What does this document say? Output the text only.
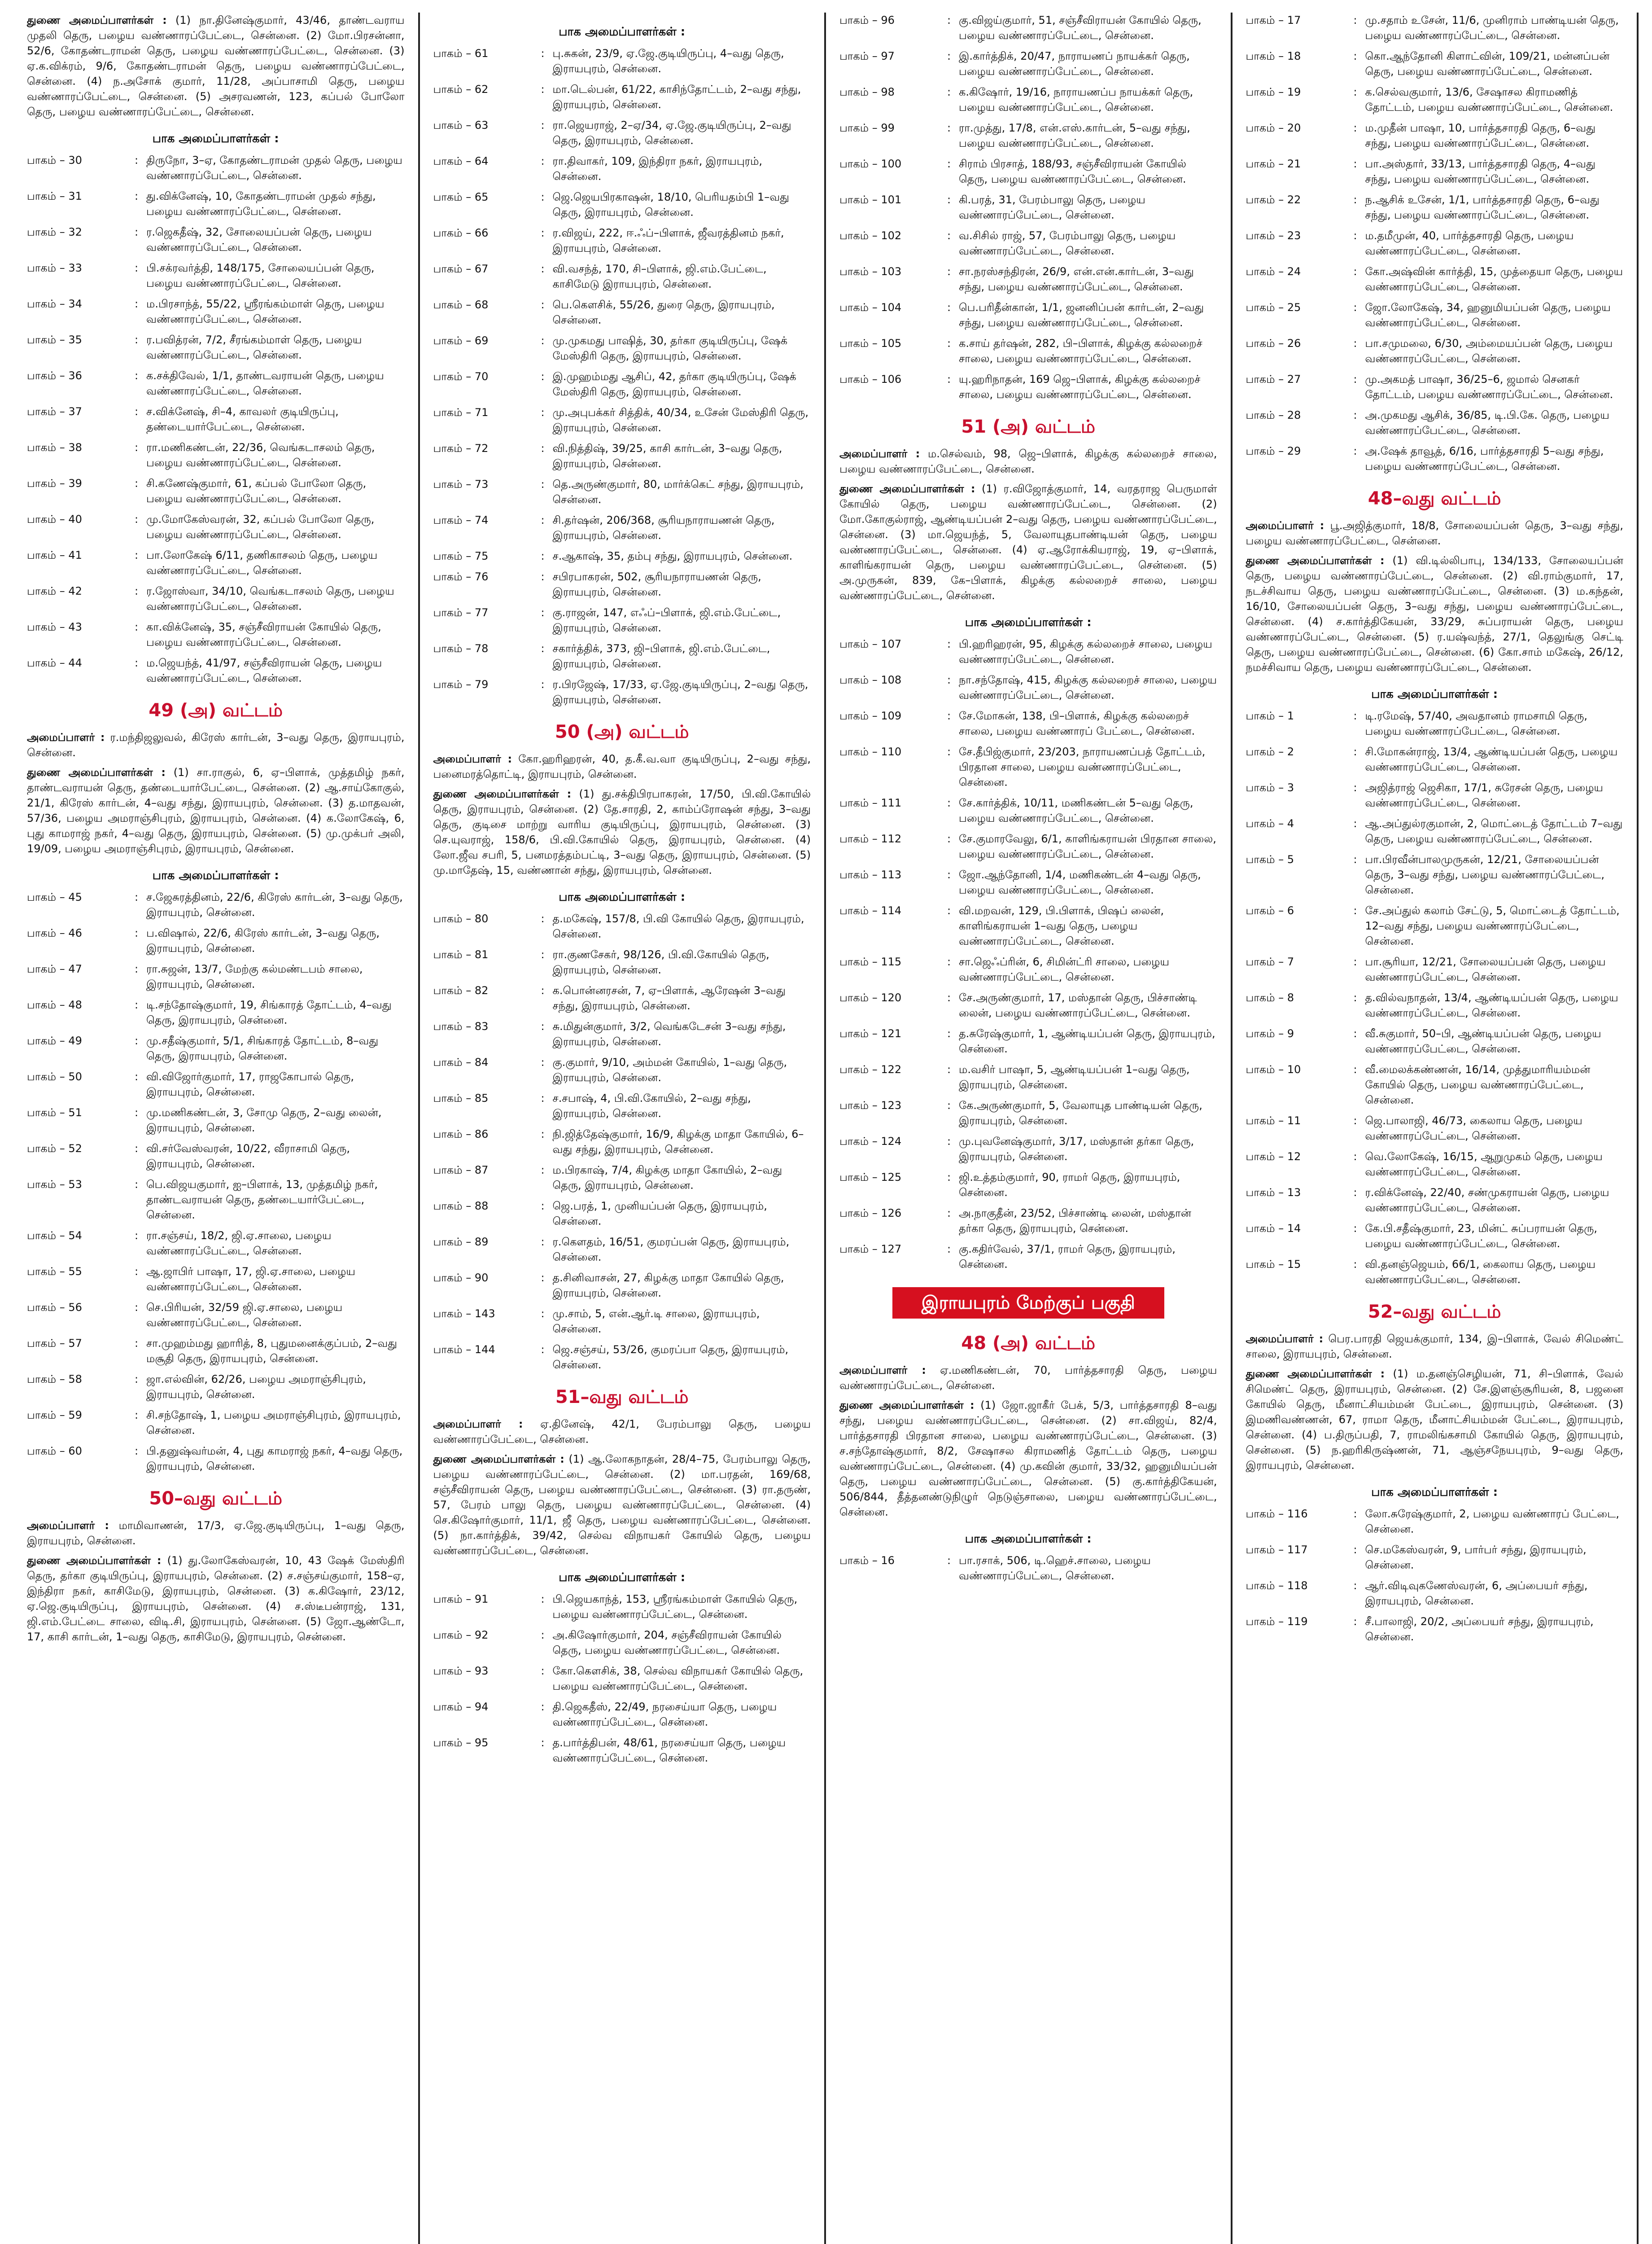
துணை அமைப்பாளர்கள் : (1) நா.தினேஷ்குமார், 43/46, தாண்டவராய முதலி தெரு, பழைய வண்ணாரப்பேட்டை, சென்னை. (2) மோ.பிரசன்னா, 52/6, கோதண்டராமன் தெரு, பழைய வண்ணாரப்பேட்டை, சென்னை. (3) ஏ.க.விக்ரம், 9/6, கோதண்டராமன் தெரு, பழைய வண்ணாரப்பேட்டை, சென்னை. (4) ந.அசோக் குமார், 11/28, அப்பாசாமி தெரு, பழைய வண்ணாரப்பேட்டை, சென்னை. (5) அசரவணன், 123, கப்பல் போலோ தெரு, பழைய வண்ணாரப்பேட்டை, சென்னை.
பாக அமைப்பாளர்கள் :
பாகம் – 30	: திருநோ, 3–ஏ, கோதண்டராமன் முதல் தெரு, பழைய வண்ணாரப்பேட்டை, சென்னை.
பாகம் – 31	: து.விக்னேஷ், 10, கோதண்டராமன் முதல் சந்து, பழைய வண்ணாரப்பேட்டை, சென்னை.
பாகம் – 32	: ர.ஜெகதீஷ், 32, சோலையப்பன் தெரு, பழைய வண்ணாரப்பேட்டை, சென்னை.
பாகம் – 33	: பி.சக்ரவர்த்தி, 148/175, சோலையப்பன் தெரு, பழைய வண்ணாரப்பேட்டை, சென்னை.
பாகம் – 34	: ம.பிரசாந்த், 55/22, ஸ்ரீரங்கம்மாள் தெரு, பழைய வண்ணாரப்பேட்டை, சென்னை.
பாகம் – 35	: ர.பவித்ரன், 7/2, சீரங்கம்மாள் தெரு, பழைய வண்ணாரப்பேட்டை, சென்னை.
பாகம் – 36	: க.சக்திவேல், 1/1, தாண்டவராயன் தெரு, பழைய வண்ணாரப்பேட்டை, சென்னை.
பாகம் – 37	: ச.விக்னேஷ், சி–4, காவலர் குடியிருப்பு, தண்டையார்பேட்டை, சென்னை.
பாகம் – 38	: ரா.மணிகண்டன், 22/36, வெங்கடாசலம் தெரு, பழைய வண்ணாரப்பேட்டை, சென்னை.
பாகம் – 39	: சி.கணேஷ்குமார், 61, கப்பல் போலோ தெரு, பழைய வண்ணாரப்பேட்டை, சென்னை.
பாகம் – 40	: மு.மோகேஸ்வரன், 32, கப்பல் போலோ தெரு, பழைய வண்ணாரப்பேட்டை, சென்னை.
பாகம் – 41	: பா.லோகேஷ் 6/11, தணிகாசலம் தெரு, பழைய வண்ணாரப்பேட்டை, சென்னை.
பாகம் – 42	: ர.ஜோஸ்வா, 34/10, வெங்கடாசலம் தெரு, பழைய வண்ணாரப்பேட்டை, சென்னை.
பாகம் – 43	: கா.விக்னேஷ், 35, சஞ்சீவிராயன் கோயில் தெரு, பழைய வண்ணாரப்பேட்டை, சென்னை.
பாகம் – 44	: ம.ஜெயந்த், 41/97, சஞ்சீவிராயன் தெரு, பழைய வண்ணாரப்பேட்டை, சென்னை.
49 (அ) வட்டம்
அமைப்பாளர் : ர.மந்திஜலுவல், கிரேஸ் கார்டன், 3–வது தெரு, இராயபுரம், சென்னை.
துணை அமைப்பாளர்கள் : (1) சா.ராகுல், 6, ஏ–பிளாக், முத்தமிழ் நகர், தாண்டவராயன் தெரு, தண்டையார்பேட்டை, சென்னை. (2) ஆ.சாய்கோகுல், 21/1, கிரேஸ் கார்டன், 4–வது சந்து, இராயபுரம், சென்னை. (3) த.மாதவன், 57/36, பழைய அமராஞ்சிபுரம், இராயபுரம், சென்னை. (4) க.லோகேஷ், 6, புது காமராஜ் நகர், 4–வது தெரு, இராயபுரம், சென்னை. (5) மு.முக்பர் அலி, 19/09, பழைய அமராஞ்சிபுரம், இராயபுரம், சென்னை.
பாக அமைப்பாளர்கள் :
பாகம் – 45	: ச.ஜேசுரத்தினம், 22/6, கிரேஸ் கார்டன், 3–வது தெரு, இராயபுரம், சென்னை.
பாகம் – 46	: ப.விஷால், 22/6, கிரேஸ் கார்டன், 3–வது தெரு, இராயபுரம், சென்னை.
பாகம் – 47	: ரா.சுஜன், 13/7, மேற்கு கல்மண்டபம் சாலை, இராயபுரம், சென்னை.
பாகம் – 48	: டி.சந்தோஷ்குமார், 19, சிங்காரத் தோட்டம், 4–வது தெரு, இராயபுரம், சென்னை.
பாகம் – 49	: மு.சதீஷ்குமார், 5/1, சிங்காரத் தோட்டம், 8–வது தெரு, இராயபுரம், சென்னை.
பாகம் – 50	: வி.விஜோர்குமார், 17, ராஜகோபால் தெரு, இராயபுரம், சென்னை.
பாகம் – 51	: மு.மணிகண்டன், 3, சோமு தெரு, 2–வது லைன், இராயபுரம், சென்னை.
பாகம் – 52	: வி.சர்வேஸ்வரன், 10/22, வீராசாமி தெரு, இராயபுரம், சென்னை.
பாகம் – 53	: பெ.விஜயகுமார், ஐ–பிளாக், 13, முத்தமிழ் நகர், தாண்டவராயன் தெரு, தண்டையார்பேட்டை, சென்னை.
பாகம் – 54	: ரா.சஞ்சய், 18/2, ஜி.ஏ.சாலை, பழைய வண்ணாரப்பேட்டை, சென்னை.
பாகம் – 55	: ஆ.ஜாபிர் பாஷா, 17, ஜி.ஏ.சாலை, பழைய வண்ணாரப்பேட்டை, சென்னை.
பாகம் – 56	: செ.பிரியன், 32/59 ஜி.ஏ.சாலை, பழைய வண்ணாரப்பேட்டை, சென்னை.
பாகம் – 57	: சா.முஹம்மது ஹாரித், 8, புதுமனைக்குப்பம், 2–வது மசூதி தெரு, இராயபுரம், சென்னை.
பாகம் – 58	: ஜா.எல்வின், 62/26, பழைய அமராஞ்சிபுரம், இராயபுரம், சென்னை.
பாகம் – 59	: சி.சந்தோஷ், 1, பழைய அமராஞ்சிபுரம், இராயபுரம், சென்னை.
பாகம் – 60	: பி.தனுஷ்வர்மன், 4, புது காமராஜ் நகர், 4–வது தெரு, இராயபுரம், சென்னை.
50–வது வட்டம்
அமைப்பாளர் : மாமிவாணன், 17/3, ஏ.ஜே.குடியிருப்பு, 1–வது தெரு, இராயபுரம், சென்னை.
துணை அமைப்பாளர்கள் : (1) து.லோகேஸ்வரன், 10, 43 ஷேக் மேஸ்திரி தெரு, தர்கா குடியிருப்பு, இராயபுரம், சென்னை. (2) ச.சஞ்சய்குமார், 158–ஏ, இந்திரா நகர், காசிமேடு, இராயபுரம், சென்னை. (3) க.கிஷோர், 23/12, ஏ.ஜெ.குடியிருப்பு, இராயபுரம், சென்னை. (4) ச.ஸ்டீபன்ராஜ், 131, ஜி.எம்.பேட்டை சாலை, விடி.சி, இராயபுரம், சென்னை. (5) ஜோ.ஆண்டோ, 17, காசி கார்டன், 1–வது தெரு, காசிமேடு, இராயபுரம், சென்னை.
பாக அமைப்பாளர்கள் :
பாகம் – 61	: பு.சுகன், 23/9, ஏ.ஜே.குடியிருப்பு, 4–வது தெரு, இராயபுரம், சென்னை.
பாகம் – 62	: மா.டெல்பன், 61/22, காசிந்தோட்டம், 2–வது சந்து, இராயபுரம், சென்னை.
பாகம் – 63	: ரா.ஜெயராஜ், 2–ஏ/34, ஏ.ஜே.குடியிருப்பு, 2–வது தெரு, இராயபுரம், சென்னை.
பாகம் – 64	: ரா.திவாகர், 109, இந்திரா நகர், இராயபுரம், சென்னை.
பாகம் – 65	: ஜெ.ஜெயபிரகாஷன், 18/10, பெரியதம்பி 1–வது தெரு, இராயபுரம், சென்னை.
பாகம் – 66	: ர.விஜய், 222, ஈ.ஃப்–பிளாக், ஜீவரத்தினம் நகர், இராயபுரம், சென்னை.
பாகம் – 67	: வி.வசந்த், 170, சி–பிளாக், ஜி.எம்.பேட்டை, காசிமேடு இராயபுரம், சென்னை.
பாகம் – 68	: பெ.கௌசிக், 55/26, துரை தெரு, இராயபுரம், சென்னை.
பாகம் – 69	: மு.முகமது பாஷித், 30, தர்கா குடியிருப்பு, ஷேக் மேஸ்திரி தெரு, இராயபுரம், சென்னை.
பாகம் – 70	: இ.முஹம்மது ஆசிப், 42, தர்கா குடியிருப்பு, ஷேக் மேஸ்திரி தெரு, இராயபுரம், சென்னை.
பாகம் – 71	: மு.அபுபக்கர் சித்திக், 40/34, உசேன் மேஸ்திரி தெரு, இராயபுரம், சென்னை.
பாகம் – 72	: வி.நித்திஷ், 39/25, காசி கார்டன், 3–வது தெரு, இராயபுரம், சென்னை.
பாகம் – 73	: தெ.அருண்குமார், 80, மார்க்கெட் சந்து, இராயபுரம், சென்னை.
பாகம் – 74	: சி.தர்ஷன், 206/368, சூரியநாராயணன் தெரு, இராயபுரம், சென்னை.
பாகம் – 75	: ச.ஆகாஷ், 35, தம்பு சந்து, இராயபுரம், சென்னை.
பாகம் – 76	: சபிரபாகரன், 502, சூரியநாராயணன் தெரு, இராயபுரம், சென்னை.
பாகம் – 77	: கு.ராஜன், 147, எஃப்–பிளாக், ஜி.எம்.பேட்டை, இராயபுரம், சென்னை.
பாகம் – 78	: சகார்த்திக், 373, ஜி–பிளாக், ஜி.எம்.பேட்டை, இராயபுரம், சென்னை.
பாகம் – 79	: ர.பிரஜேஷ், 17/33, ஏ.ஜே.குடியிருப்பு, 2–வது தெரு, இராயபுரம், சென்னை.
50 (அ) வட்டம்
அமைப்பாளர் : கோ.ஹரிஹரன், 40, த.கீ.வ.வா குடியிருப்பு, 2–வது சந்து, பனைமரத்தொட்டி, இராயபுரம், சென்னை.
துணை அமைப்பாளர்கள் : (1) து.சக்திபிரபாகரன், 17/50, பி.வி.கோயில் தெரு, இராயபுரம், சென்னை. (2) தே.சாரதி, 2, காம்ப்ரோஷன் சந்து, 3–வது தெரு, குடிசை மாற்று வாரிய குடியிருப்பு, இராயபுரம், சென்னை. (3) செ.யுவராஜ், 158/6, பி.வி.கோயில் தெரு, இராயபுரம், சென்னை. (4) லோ.ஜீவ சபரி, 5, பனமரத்தம்பட்டி, 3–வது தெரு, இராயபுரம், சென்னை. (5) மு.மாதேஷ், 15, வண்ணான் சந்து, இராயபுரம், சென்னை.
பாக அமைப்பாளர்கள் :
பாகம் – 80	: த.மகேஷ், 157/8, பி.வி கோயில் தெரு, இராயபுரம், சென்னை.
பாகம் – 81	: ரா.குணசேகர், 98/126, பி.வி.கோயில் தெரு, இராயபுரம், சென்னை.
பாகம் – 82	: க.பொன்னரசன், 7, ஏ–பிளாக், ஆரேஷன் 3–வது சந்து, இராயபுரம், சென்னை.
பாகம் – 83	: சு.மிதுன்குமார், 3/2, வெங்கடேசன் 3–வது சந்து, இராயபுரம், சென்னை.
பாகம் – 84	: கு.குமார், 9/10, அம்மன் கோயில், 1–வது தெரு, இராயபுரம், சென்னை.
பாகம் – 85	: ச.சபாஷ், 4, பி.வி.கோயில், 2–வது சந்து, இராயபுரம், சென்னை.
பாகம் – 86	: நி.ஜித்தேஷ்குமார், 16/9, கிழக்கு மாதா கோயில், 6–வது சந்து, இராயபுரம், சென்னை.
பாகம் – 87	: ம.பிரகாஷ், 7/4, கிழக்கு மாதா கோயில், 2–வது தெரு, இராயபுரம், சென்னை.
பாகம் – 88	: ஜெ.பரத், 1, முனியப்பன் தெரு, இராயபுரம், சென்னை.
பாகம் – 89	: ர.கௌதம், 16/51, குமரப்பன் தெரு, இராயபுரம், சென்னை.
பாகம் – 90	: த.சினிவாசன், 27, கிழக்கு மாதா கோயில் தெரு, இராயபுரம், சென்னை.
பாகம் – 143	: மு.சாம், 5, என்.ஆர்.டி சாலை, இராயபுரம், சென்னை.
பாகம் – 144	: ஜெ.சஞ்சய், 53/26, குமரப்பா தெரு, இராயபுரம், சென்னை.
51–வது வட்டம்
அமைப்பாளர் : ஏ.தினேஷ், 42/1, பேரம்பாலு தெரு, பழைய வண்ணாரப்பேட்டை, சென்னை.
துணை அமைப்பாளர்கள் : (1) ஆ.லோகநாதன், 28/4–75, பேரம்பாலு தெரு, பழைய வண்ணாரப்பேட்டை, சென்னை. (2) மா.பரதன், 169/68, சஞ்சீவிராயன் தெரு, பழைய வண்ணாரப்பேட்டை, சென்னை. (3) ரா.தருண், 57, பேரம் பாலு தெரு, பழைய வண்ணாரப்பேட்டை, சென்னை. (4) செ.கிஷோர்குமார், 11/1, ஜீ தெரு, பழைய வண்ணாரப்பேட்டை, சென்னை. (5) நா.கார்த்திக், 39/42, செல்வ விநாயகர் கோயில் தெரு, பழைய வண்ணாரப்பேட்டை, சென்னை.
பாக அமைப்பாளர்கள் :
பாகம் – 91	: பி.ஜெயகாந்த், 153, ஸ்ரீரங்கம்மாள் கோயில் தெரு, பழைய வண்ணாரப்பேட்டை, சென்னை.
பாகம் – 92	: அ.கிஷோர்குமார், 204, சஞ்சீவிராயன் கோயில் தெரு, பழைய வண்ணாரப்பேட்டை, சென்னை.
பாகம் – 93	: கோ.கௌசிக், 38, செல்வ விநாயகர் கோயில் தெரு, பழைய வண்ணாரப்பேட்டை, சென்னை.
பாகம் – 94	: தி.ஜெகதீஸ், 22/49, நரசைய்யா தெரு, பழைய வண்ணாரப்பேட்டை, சென்னை.
பாகம் – 95	: த.பார்த்திபன், 48/61, நரசைய்யா தெரு, பழைய வண்ணாரப்பேட்டை, சென்னை.
பாகம் – 96	: கு.விஜய்குமார், 51, சஞ்சீவிராயன் கோயில் தெரு, பழைய வண்ணாரப்பேட்டை, சென்னை.
பாகம் – 97	: இ.கார்த்திக், 20/47, நாராயணப் நாயக்கர் தெரு, பழைய வண்ணாரப்பேட்டை, சென்னை.
பாகம் – 98	: க.கிஷோர், 19/16, நாராயணப்ப நாயக்கர் தெரு, பழைய வண்ணாரப்பேட்டை, சென்னை.
பாகம் – 99	: ரா.முத்து, 17/8, என்.எஸ்.கார்டன், 5–வது சந்து, பழைய வண்ணாரப்பேட்டை, சென்னை.
பாகம் – 100	: சிராம் பிரசாத், 188/93, சஞ்சீவிராயன் கோயில் தெரு, பழைய வண்ணாரப்பேட்டை, சென்னை.
பாகம் – 101	: கி.பரத், 31, பேரம்பாலு தெரு, பழைய வண்ணாரப்பேட்டை, சென்னை.
பாகம் – 102	: வ.சிசில் ராஜ், 57, பேரம்பாலு தெரு, பழைய வண்ணாரப்பேட்டை, சென்னை.
பாகம் – 103	: சா.நரஸ்சந்திரன், 26/9, என்.என்.கார்டன், 3–வது சந்து, பழைய வண்ணாரப்பேட்டை, சென்னை.
பாகம் – 104	: பெ.பரிதீன்கான், 1/1, ஜனனிப்பன் கார்டன், 2–வது சந்து, பழைய வண்ணாரப்பேட்டை, சென்னை.
பாகம் – 105	: க.சாய் தர்ஷன், 282, பி–பிளாக், கிழக்கு கல்லறைச் சாலை, பழைய வண்ணாரப்பேட்டை, சென்னை.
பாகம் – 106	: யு.ஹரிநாதன், 169 ஜெ–பிளாக், கிழக்கு கல்லறைச் சாலை, பழைய வண்ணாரப்பேட்டை, சென்னை.
51 (அ) வட்டம்
அமைப்பாளர் : ம.செல்வம், 98, ஜெ–பிளாக், கிழக்கு கல்லறைச் சாலை, பழைய வண்ணாரப்பேட்டை, சென்னை.
துணை அமைப்பாளர்கள் : (1) ர.விஜோத்குமார், 14, வரதராஜ பெருமாள் கோயில் தெரு, பழைய வண்ணாரப்பேட்டை, சென்னை. (2) மோ.கோகுல்ராஜ், ஆண்டியப்பன் 2–வது தெரு, பழைய வண்ணாரப்பேட்டை, சென்னை. (3) மா.ஜெயந்த், 5, வேலாயுதபாண்டியன் தெரு, பழைய வண்ணாரப்பேட்டை, சென்னை. (4) ஏ.ஆரோக்கியராஜ், 19, ஏ–பிளாக், காளிங்கராயன் தெரு, பழைய வண்ணாரப்பேட்டை, சென்னை. (5) அ.முருகன், 839, கே–பிளாக், கிழக்கு கல்லறைச் சாலை, பழைய வண்ணாரப்பேட்டை, சென்னை.
பாக அமைப்பாளர்கள் :
பாகம் – 107	: பி.ஹரிஹரன், 95, கிழக்கு கல்லறைச் சாலை, பழைய வண்ணாரப்பேட்டை, சென்னை.
பாகம் – 108	: நா.சந்தோஷ், 415, கிழக்கு கல்லறைச் சாலை, பழைய வண்ணாரப்பேட்டை, சென்னை.
பாகம் – 109	: சே.மோகன், 138, பி–பிளாக், கிழக்கு கல்லறைச் சாலை, பழைய வண்ணாரப் பேட்டை, சென்னை.
பாகம் – 110	: சே.தீபிஜ்குமார், 23/203, நாராயணப்பத் தோட்டம், பிரதான சாலை, பழைய வண்ணாரப்பேட்டை, சென்னை.
பாகம் – 111	: சே.கார்த்திக், 10/11, மணிகண்டன் 5–வது தெரு, பழைய வண்ணாரப்பேட்டை, சென்னை.
பாகம் – 112	: சே.குமாரவேலு, 6/1, காளிங்கராயன் பிரதான சாலை, பழைய வண்ணாரப்பேட்டை, சென்னை.
பாகம் – 113	: ஜோ.ஆந்தோனி, 1/4, மணிகண்டன் 4–வது தெரு, பழைய வண்ணாரப்பேட்டை, சென்னை.
பாகம் – 114	: வி.மறவன், 129, பி.பிளாக், பிஷப் லைன், காளிங்கராயன் 1–வது தெரு, பழைய வண்ணாரப்பேட்டை, சென்னை.
பாகம் – 115	: சா.ஜெஃப்ரின், 6, சிமின்ட்ரி சாலை, பழைய வண்ணாரப்பேட்டை, சென்னை.
பாகம் – 120	: சே.அருண்குமார், 17, மஸ்தான் தெரு, பிச்சாண்டி லைன், பழைய வண்ணாரப்பேட்டை, சென்னை.
பாகம் – 121	: த.சுரேஷ்குமார், 1, ஆண்டியப்பன் தெரு, இராயபுரம், சென்னை.
பாகம் – 122	: ம.வசிர் பாஷா, 5, ஆண்டியப்பன் 1–வது தெரு, இராயபுரம், சென்னை.
பாகம் – 123	: கே.அருண்குமார், 5, வேலாயுத பாண்டியன் தெரு, இராயபுரம், சென்னை.
பாகம் – 124	: மு.புவனேஷ்குமார், 3/17, மஸ்தான் தர்கா தெரு, இராயபுரம், சென்னை.
பாகம் – 125	: ஜி.உத்தம்குமார், 90, ராமர் தெரு, இராயபுரம், சென்னை.
பாகம் – 126	: அ.நாகுதீன், 23/52, பிச்சாண்டி லைன், மஸ்தான் தர்கா தெரு, இராயபுரம், சென்னை.
பாகம் – 127	: கு.கதிர்வேல், 37/1, ராமர் தெரு, இராயபுரம், சென்னை.
இராயபுரம் மேற்குப் பகுதி
48 (அ) வட்டம்
அமைப்பாளர் : ஏ.மணிகண்டன், 70, பார்த்தசாரதி தெரு, பழைய வண்ணாரப்பேட்டை, சென்னை.
துணை அமைப்பாளர்கள் : (1) ஜோ.ஜாகீர் பேக், 5/3, பார்த்தசாரதி 8–வது சந்து, பழைய வண்ணாரப்பேட்டை, சென்னை. (2) சா.விஜய், 82/4, பார்த்தசாரதி பிரதான சாலை, பழைய வண்ணாரப்பேட்டை, சென்னை. (3) ச.சந்தோஷ்குமார், 8/2, சேஷாசல கிராமணித் தோட்டம் தெரு, பழைய வண்ணாரப்பேட்டை, சென்னை. (4) மு.கவின் குமார், 33/32, ஹனுமியப்பன் தெரு, பழைய வண்ணாரப்பேட்டை, சென்னை. (5) கு.கார்த்திகேயன், 506/844, தீத்தனண்டுநிழுர் நெடுஞ்சாலை, பழைய வண்ணாரப்பேட்டை, சென்னை.
பாக அமைப்பாளர்கள் :
பாகம் – 16	: பா.ரசாக், 506, டி.ஹெச்.சாலை, பழைய வண்ணாரப்பேட்டை, சென்னை.
பாகம் – 17	: மு.சதாம் உசேன், 11/6, முனிராம் பாண்டியன் தெரு, பழைய வண்ணாரப்பேட்டை, சென்னை.
பாகம் – 18	: கொ.ஆந்தோனி கிளாட்வின், 109/21, மன்னப்பன் தெரு, பழைய வண்ணாரப்பேட்டை, சென்னை.
பாகம் – 19	: க.செல்வகுமார், 13/6, சேஷாசல கிராமணித் தோட்டம், பழைய வண்ணாரப்பேட்டை, சென்னை.
பாகம் – 20	: ம.முதீன் பாஷா, 10, பார்த்தசாரதி தெரு, 6–வது சந்து, பழைய வண்ணாரப்பேட்டை, சென்னை.
பாகம் – 21	: பா.அஸ்தார், 33/13, பார்த்தசாரதி தெரு, 4–வது சந்து, பழைய வண்ணாரப்பேட்டை, சென்னை.
பாகம் – 22	: ந.ஆசிக் உசேன், 1/1, பார்த்தசாரதி தெரு, 6–வது சந்து, பழைய வண்ணாரப்பேட்டை, சென்னை.
பாகம் – 23	: ம.தமீமுன், 40, பார்த்தசாரதி தெரு, பழைய வண்ணாரப்பேட்டை, சென்னை.
பாகம் – 24	: கோ.அஷ்வின் கார்த்தி, 15, முத்தையா தெரு, பழைய வண்ணாரப்பேட்டை, சென்னை.
பாகம் – 25	: ஜோ.லோகேஷ், 34, ஹனுமியப்பன் தெரு, பழைய வண்ணாரப்பேட்டை, சென்னை.
பாகம் – 26	: பா.சமுமலை, 6/30, அம்மையப்பன் தெரு, பழைய வண்ணாரப்பேட்டை, சென்னை.
பாகம் – 27	: மு.அகமத் பாஷா, 36/25–6, ஜமால் செனகர் தோட்டம், பழைய வண்ணாரப்பேட்டை, சென்னை.
பாகம் – 28	: அ.முகமது ஆசிக், 36/85, டி.பி.கே. தெரு, பழைய வண்ணாரப்பேட்டை, சென்னை.
பாகம் – 29	: அ.ஷேக் தாவூத், 6/16, பார்த்தசாரதி 5–வது சந்து, பழைய வண்ணாரப்பேட்டை, சென்னை.
48–வது வட்டம்
அமைப்பாளர் : பூ.அஜித்குமார், 18/8, சோலையப்பன் தெரு, 3–வது சந்து, பழைய வண்ணாரப்பேட்டை, சென்னை.
துணை அமைப்பாளர்கள் : (1) வி.டில்லிபாபு, 134/133, சோலையப்பன் தெரு, பழைய வண்ணாரப்பேட்டை, சென்னை. (2) வி.ராம்குமார், 17, நடச்சிவாய தெரு, பழைய வண்ணாரப்பேட்டை, சென்னை. (3) ம.கந்தன், 16/10, சோலையப்பன் தெரு, 3–வது சந்து, பழைய வண்ணாரப்பேட்டை, சென்னை. (4) ச.கார்த்திகேயன், 33/29, சுப்பராயன் தெரு, பழைய வண்ணாரப்பேட்டை, சென்னை. (5) ர.யஷ்வந்த், 27/1, தெலுங்கு செட்டி தெரு, பழைய வண்ணாரப்பேட்டை, சென்னை. (6) கோ.சாம் மகேஷ், 26/12, நமச்சிவாய தெரு, பழைய வண்ணாரப்பேட்டை, சென்னை.
பாக அமைப்பாளர்கள் :
பாகம் – 1	: டி.ரமேஷ், 57/40, அவதானம் ராமசாமி தெரு, பழைய வண்ணாரப்பேட்டை, சென்னை.
பாகம் – 2	: சி.மோகன்ராஜ், 13/4, ஆண்டியப்பன் தெரு, பழைய வண்ணாரப்பேட்டை, சென்னை.
பாகம் – 3	: அஜித்ராஜ் ஜெசிகா, 17/1, சுரேசன் தெரு, பழைய வண்ணாரப்பேட்டை, சென்னை.
பாகம் – 4	: ஆ.அப்துல்ரகுமான், 2, மொட்டைத் தோட்டம் 7–வது தெரு, பழைய வண்ணாரப்பேட்டை, சென்னை.
பாகம் – 5	: பா.பிரவீன்பாலமுருகன், 12/21, சோலையப்பன் தெரு, 3–வது சந்து, பழைய வண்ணாரப்பேட்டை, சென்னை.
பாகம் – 6	: சே.அப்துல் கலாம் சேட்டு, 5, மொட்டைத் தோட்டம், 12–வது சந்து, பழைய வண்ணாரப்பேட்டை, சென்னை.
பாகம் – 7	: பா.சூரியா, 12/21, சோலையப்பன் தெரு, பழைய வண்ணாரப்பேட்டை, சென்னை.
பாகம் – 8	: த.வில்வநாதன், 13/4, ஆண்டியப்பன் தெரு, பழைய வண்ணாரப்பேட்டை, சென்னை.
பாகம் – 9	: வீ.சுகுமார், 50–பி, ஆண்டியப்பன் தெரு, பழைய வண்ணாரப்பேட்டை, சென்னை.
பாகம் – 10	: வீ.மைலக்கண்ணன், 16/14, முத்துமாரியம்மன் கோயில் தெரு, பழைய வண்ணாரப்பேட்டை, சென்னை.
பாகம் – 11	: ஜெ.பாலாஜி, 46/73, கைலாய தெரு, பழைய வண்ணாரப்பேட்டை, சென்னை.
பாகம் – 12	: வெ.லோகேஷ், 16/15, ஆறுமுகம் தெரு, பழைய வண்ணாரப்பேட்டை, சென்னை.
பாகம் – 13	: ர.விக்னேஷ், 22/40, சண்முகராயன் தெரு, பழைய வண்ணாரப்பேட்டை, சென்னை.
பாகம் – 14	: கே.பி.சதீஷ்குமார், 23, மின்ட் சுப்பராயன் தெரு, பழைய வண்ணாரப்பேட்டை, சென்னை.
பாகம் – 15	: வி.தனஞ்ஜெயம், 66/1, கைலாய தெரு, பழைய வண்ணாரப்பேட்டை, சென்னை.
52–வது வட்டம்
அமைப்பாளர் : பெர.பாரதி ஜெயக்குமார், 134, இ–பிளாக், வேல் சிமெண்ட் சாலை, இராயபுரம், சென்னை.
துணை அமைப்பாளர்கள் : (1) ம.தனஞ்செழியன், 71, சி–பிளாக், வேல் சிமெண்ட் தெரு, இராயபுரம், சென்னை. (2) சே.இளஞ்சூரியன், 8, பஜனை கோயில் தெரு, மீனாட்சியம்மன் பேட்டை, இராயபுரம், சென்னை. (3) இமணிவண்ணன், 67, ராமா தெரு, மீனாட்சியம்மன் பேட்டை, இராயபுரம், சென்னை. (4) ப.திருப்பதி, 7, ராமலிங்கசாமி கோயில் தெரு, இராயபுரம், சென்னை. (5) ந.ஹரிகிருஷ்ணன், 71, ஆஞ்சநேயபுரம், 9–வது தெரு, இராயபுரம், சென்னை.
பாக அமைப்பாளர்கள் :
பாகம் – 116	: லோ.சுரேஷ்குமார், 2, பழைய வண்ணாரப் பேட்டை, சென்னை.
பாகம் – 117	: செ.மகேஸ்வரன், 9, பார்பர் சந்து, இராயபுரம், சென்னை.
பாகம் – 118	: ஆர்.விடிவுகணேஸ்வரன், 6, அப்பையர் சந்து, இராயபுரம், சென்னை.
பாகம் – 119	: சீ.பாலாஜி, 20/2, அப்பையர் சந்து, இராயபுரம், சென்னை.
